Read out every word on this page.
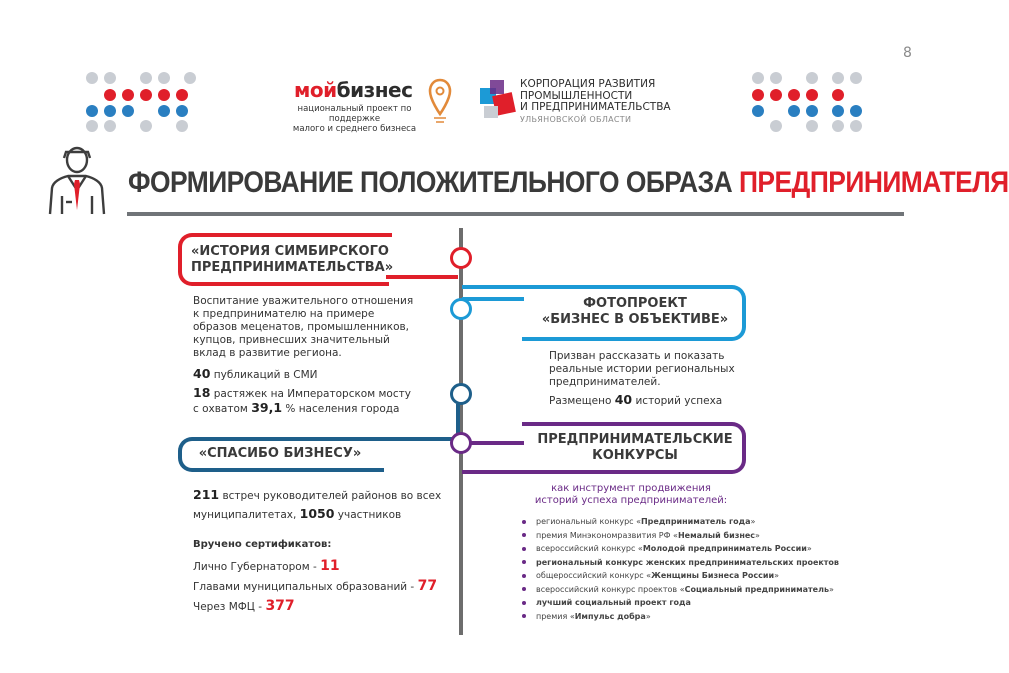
8
мойбизнес
национальный проект по поддержке
малого и среднего бизнеса
КОРПОРАЦИЯ РАЗВИТИЯ
ПРОМЫШЛЕННОСТИ
И ПРЕДПРИНИМАТЕЛЬСТВА
УЛЬЯНОВСКОЙ ОБЛАСТИ
ФОРМИРОВАНИЕ ПОЛОЖИТЕЛЬНОГО ОБРАЗА ПРЕДПРИНИМАТЕЛЯ
«ИСТОРИЯ СИМБИРСКОГО
ПРЕДПРИНИМАТЕЛЬСТВА»
Воспитание уважительного отношения
к предпринимателю на примере
образов меценатов, промышленников,
купцов, привнесших значительный
вклад в развитие региона.
40 публикаций в СМИ
18 растяжек на Императорском мосту
с охватом 39,1 % населения города
ФОТОПРОЕКТ
«БИЗНЕС В ОБЪЕКТИВЕ»
Призван рассказать и показать
реальные истории региональных
предпринимателей.
Размещено 40 историй успеха
«СПАСИБО БИЗНЕСУ»
211 встреч руководителей районов во всех
муниципалитетах, 1050 участников
Вручено сертификатов:
Лично Губернатором - 11
Главами муниципальных образований - 77
Через МФЦ - 377
ПРЕДПРИНИМАТЕЛЬСКИЕ
КОНКУРСЫ
как инструмент продвижения
историй успеха предпринимателей:
региональный конкурс «Предприниматель года»
премия Минэкономразвития РФ «Немалый бизнес»
всероссийский конкурс «Молодой предприниматель России»
региональный конкурс женских предпринимательских проектов
общероссийский конкурс «Женщины Бизнеса России»
всероссийский конкурс проектов «Социальный предприниматель»
лучший социальный проект года
премия «Импульс добра»
